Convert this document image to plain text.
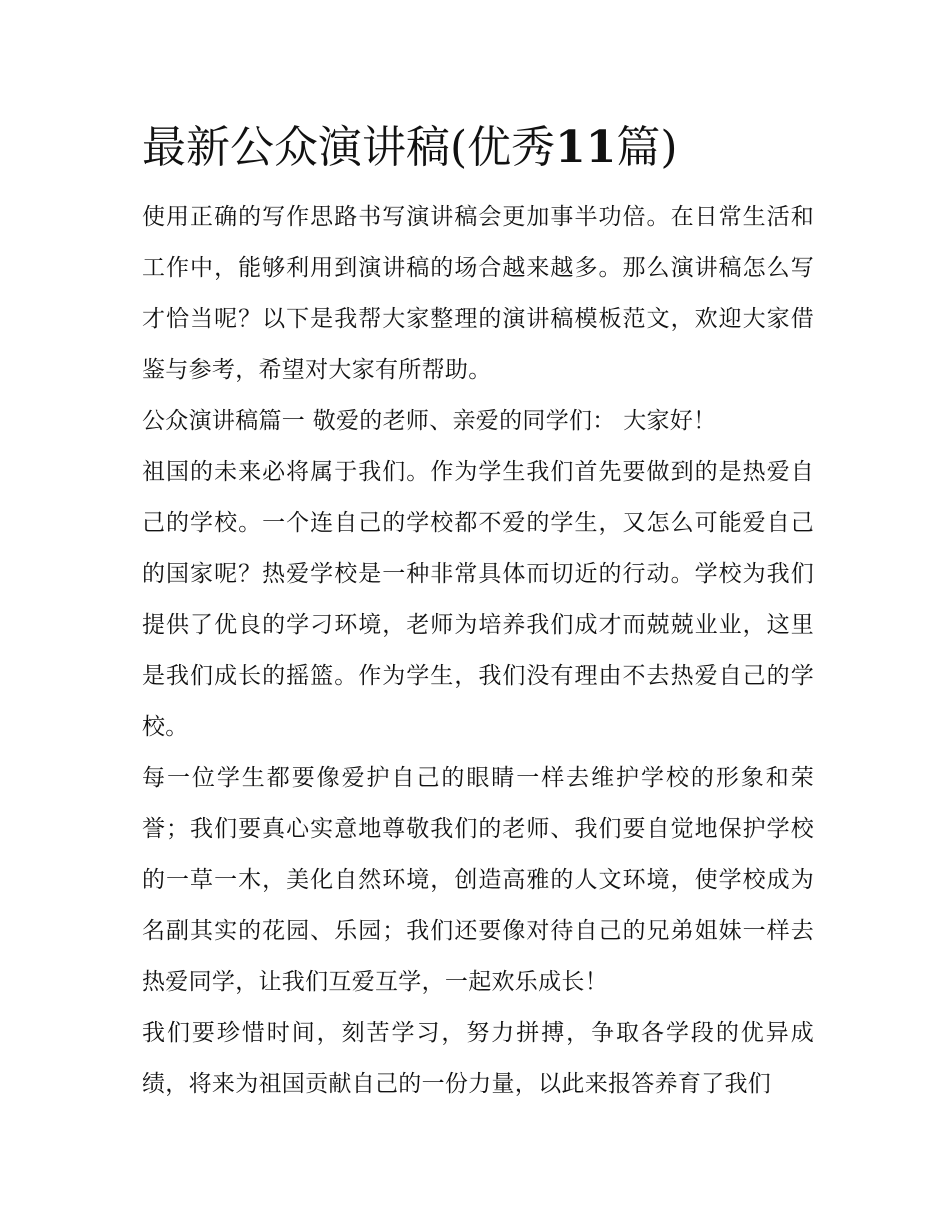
最新公众演讲稿(优秀11篇)

使用正确的写作思路书写演讲稿会更加事半功倍。在日常生活和工作中，能够利用到演讲稿的场合越来越多。那么演讲稿怎么写才恰当呢？以下是我帮大家整理的演讲稿模板范文，欢迎大家借鉴与参考，希望对大家有所帮助。

公众演讲稿篇一 敬爱的老师、亲爱的同学们： 大家好！

祖国的未来必将属于我们。作为学生我们首先要做到的是热爱自己的学校。一个连自己的学校都不爱的学生，又怎么可能爱自己的国家呢？热爱学校是一种非常具体而切近的行动。学校为我们提供了优良的学刁环境，老师为培养我们成才而兢兢业业，这里是我们成长的摇篮。作为学生，我们没有理由不去热爱自己的学校。

每一位学生都要像爱护自己的眼睛一样去维护学校的形象和荣誉；我们要真心实意地尊敬我们的老师、我们要自觉地保护学校的一草一木，美化自然环境，创造高雅的人文环境，使学校成为名副其实的花园、乐园；我们还要像对待自己的兄弟姐妹一样去热爱同学，让我们互爱互学，一起欢乐成长！

我们要珍惜时间，刻苦学习，努力拼搏，争取各学段的优异成绩，将来为祖国贡献自己的一份力量，以此来报答养育了我们
